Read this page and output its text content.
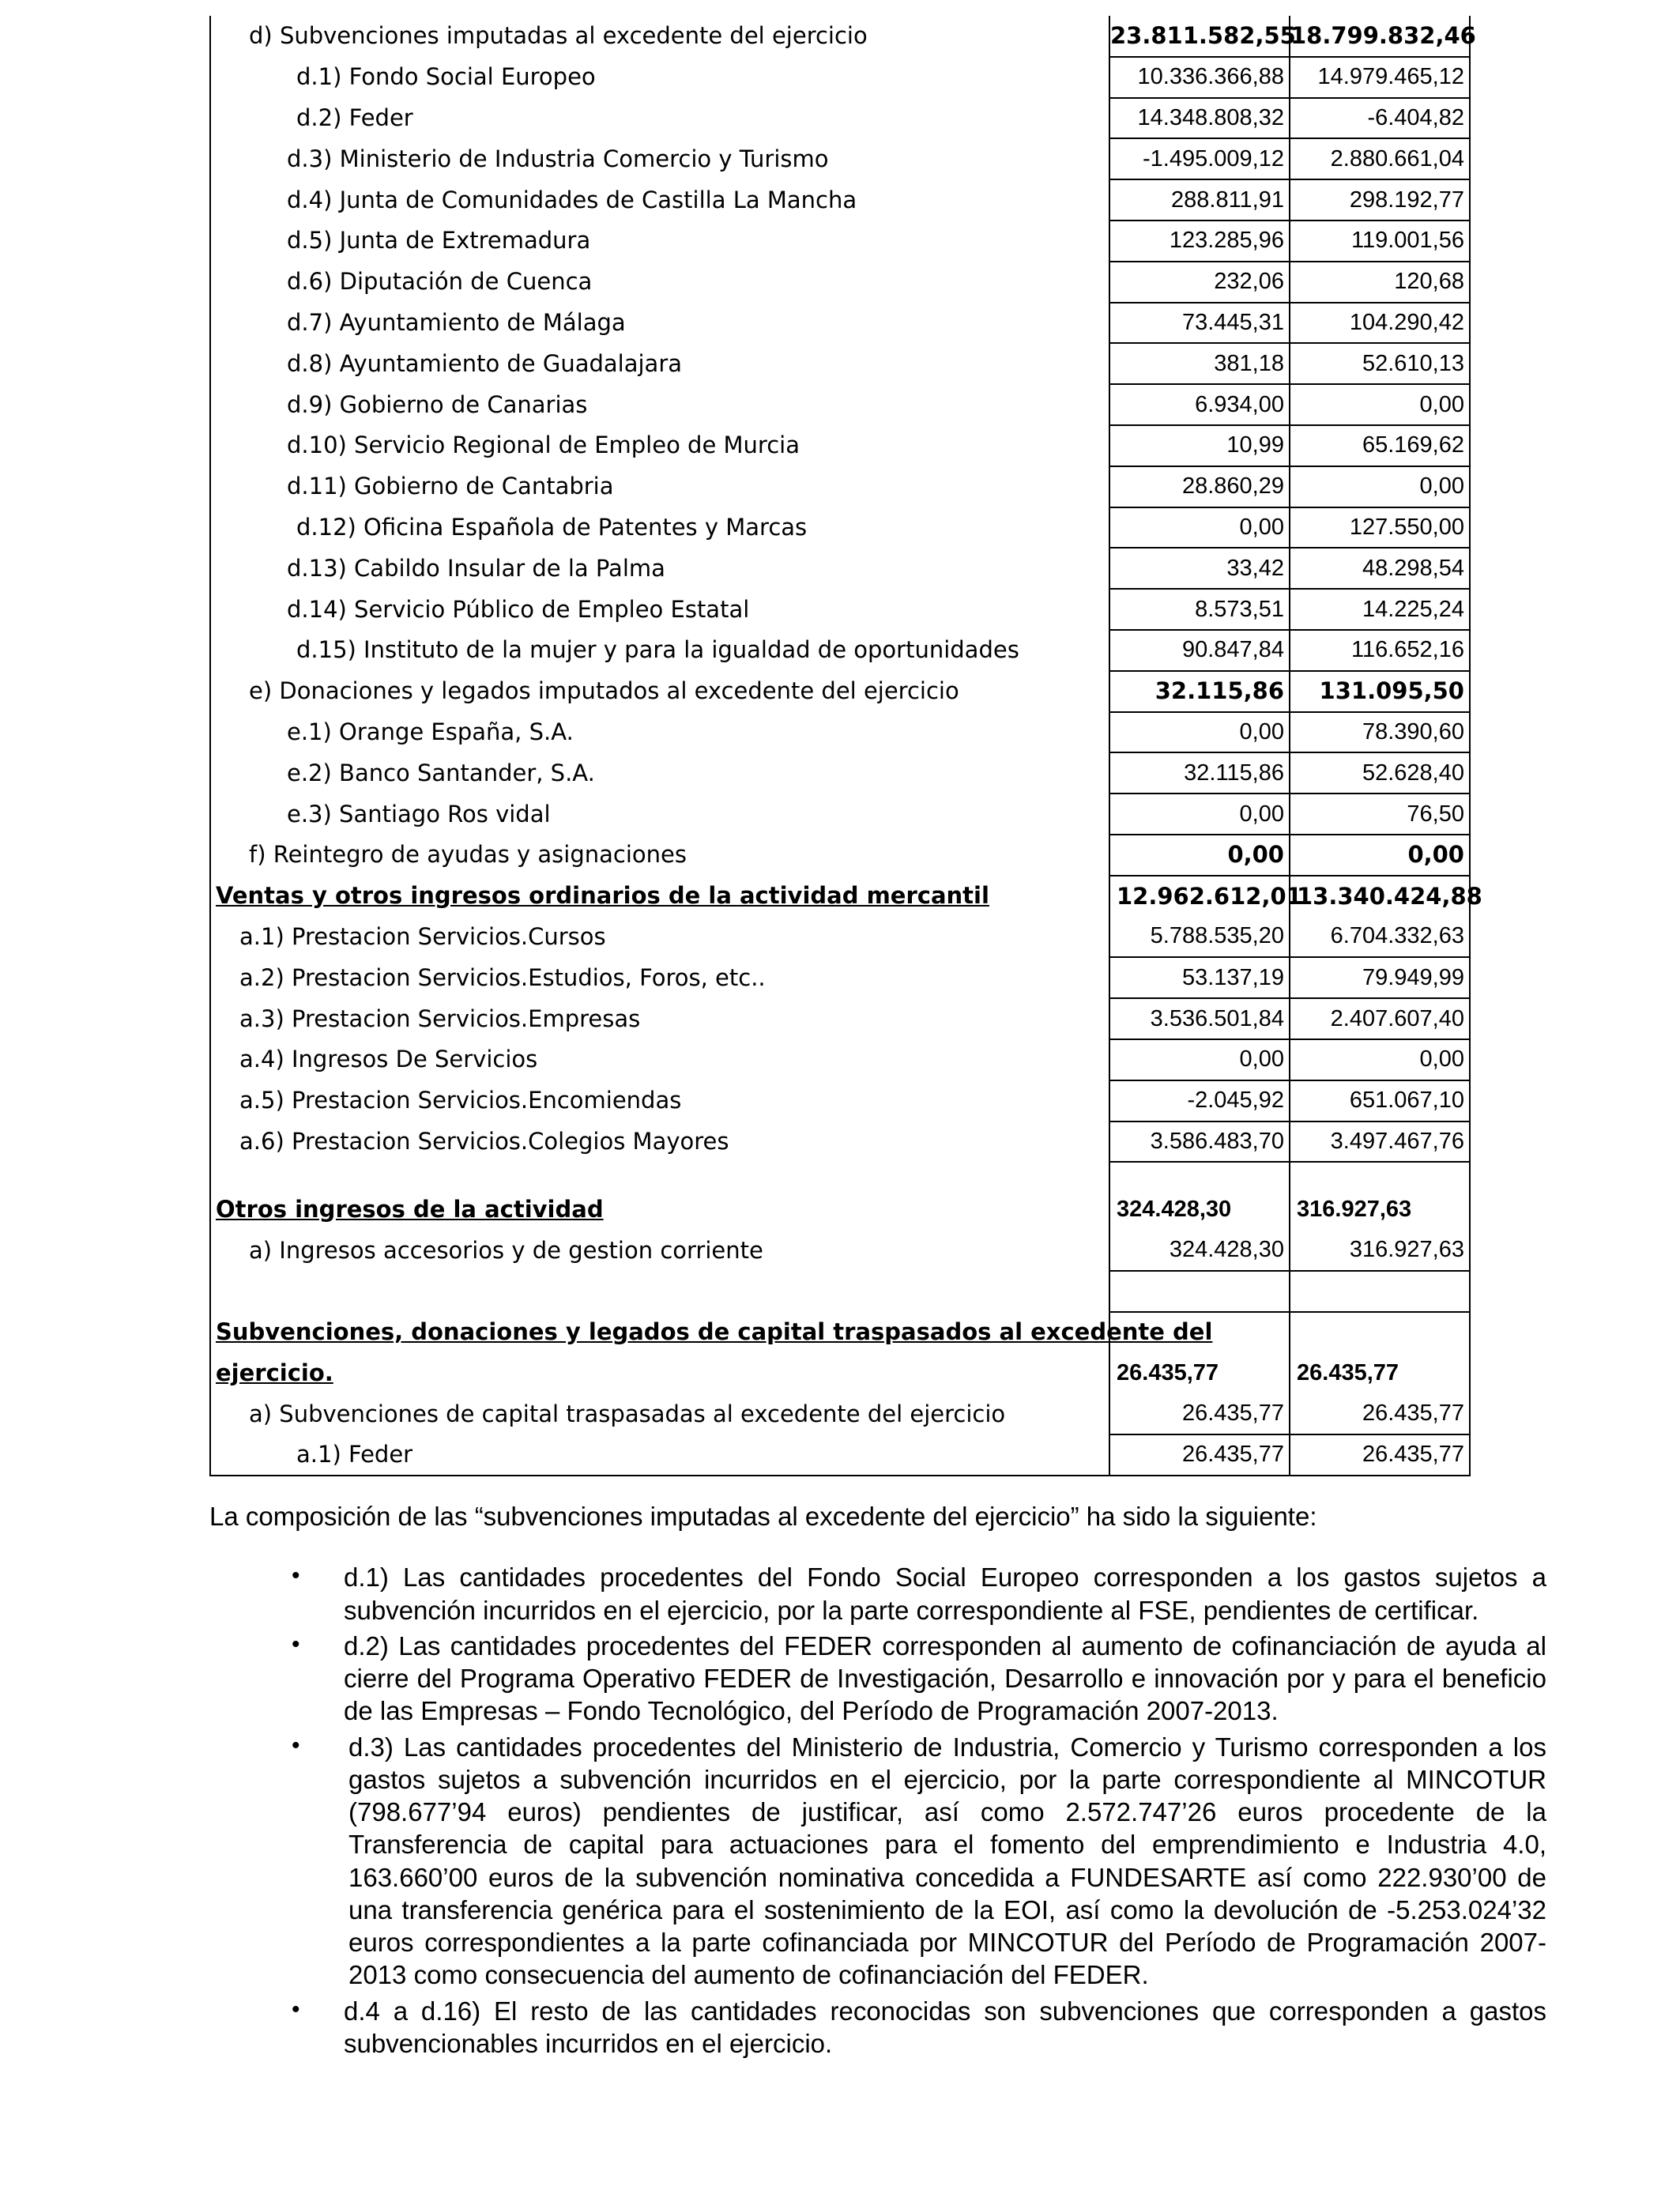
d) Subvenciones imputadas al excedente del ejercicio	23.811.582,55	18.799.832,46
d.1) Fondo Social Europeo	10.336.366,88	14.979.465,12
d.2) Feder	14.348.808,32	-6.404,82
d.3) Ministerio de Industria Comercio y Turismo	-1.495.009,12	2.880.661,04
d.4) Junta de Comunidades de Castilla La Mancha	288.811,91	298.192,77
d.5) Junta de Extremadura	123.285,96	119.001,56
d.6) Diputación de Cuenca	232,06	120,68
d.7) Ayuntamiento de Málaga	73.445,31	104.290,42
d.8) Ayuntamiento de Guadalajara	381,18	52.610,13
d.9) Gobierno de Canarias	6.934,00	0,00
d.10) Servicio Regional de Empleo de Murcia	10,99	65.169,62
d.11) Gobierno de Cantabria	28.860,29	0,00
d.12) Oficina Española de Patentes y Marcas	0,00	127.550,00
d.13) Cabildo Insular de la Palma	33,42	48.298,54
d.14) Servicio Público de Empleo Estatal	8.573,51	14.225,24
d.15) Instituto de la mujer y para la igualdad de oportunidades	90.847,84	116.652,16
e) Donaciones y legados imputados al excedente del ejercicio	32.115,86	131.095,50
e.1) Orange España, S.A.	0,00	78.390,60
e.2) Banco Santander, S.A.	32.115,86	52.628,40
e.3) Santiago Ros vidal	0,00	76,50
f) Reintegro de ayudas y asignaciones	0,00	0,00
Ventas y otros ingresos ordinarios de la actividad mercantil	12.962.612,01	13.340.424,88
a.1) Prestacion Servicios.Cursos	5.788.535,20	6.704.332,63
a.2) Prestacion Servicios.Estudios, Foros, etc..	53.137,19	79.949,99
a.3) Prestacion Servicios.Empresas	3.536.501,84	2.407.607,40
a.4) Ingresos De Servicios	0,00	0,00
a.5) Prestacion Servicios.Encomiendas	-2.045,92	651.067,10
a.6) Prestacion Servicios.Colegios Mayores	3.586.483,70	3.497.467,76

Otros ingresos de la actividad	324.428,30	316.927,63
a) Ingresos accesorios y de gestion corriente	324.428,30	316.927,63

Subvenciones, donaciones y legados de capital traspasados al excedente del		
ejercicio.	26.435,77	26.435,77
a) Subvenciones de capital traspasadas al excedente del ejercicio	26.435,77	26.435,77
a.1) Feder	26.435,77	26.435,77

La composición de las “subvenciones imputadas al excedente del ejercicio” ha sido la siguiente:

• d.1) Las cantidades procedentes del Fondo Social Europeo corresponden a los gastos sujetos a subvención incurridos en el ejercicio, por la parte correspondiente al FSE, pendientes de certificar.
• d.2) Las cantidades procedentes del FEDER corresponden al aumento de cofinanciación de ayuda al cierre del Programa Operativo FEDER de Investigación, Desarrollo e innovación por y para el beneficio de las Empresas – Fondo Tecnológico, del Período de Programación 2007-2013.
• d.3) Las cantidades procedentes del Ministerio de Industria, Comercio y Turismo corresponden a los gastos sujetos a subvención incurridos en el ejercicio, por la parte correspondiente al MINCOTUR (798.677’94 euros) pendientes de justificar, así como 2.572.747’26 euros procedente de la Transferencia de capital para actuaciones para el fomento del emprendimiento e Industria 4.0, 163.660’00 euros de la subvención nominativa concedida a FUNDESARTE así como 222.930’00 de una transferencia genérica para el sostenimiento de la EOI, así como la devolución de -5.253.024’32 euros correspondientes a la parte cofinanciada por MINCOTUR del Período de Programación 2007-2013 como consecuencia del aumento de cofinanciación del FEDER.
• d.4 a d.16) El resto de las cantidades reconocidas son subvenciones que corresponden a gastos subvencionables incurridos en el ejercicio.
